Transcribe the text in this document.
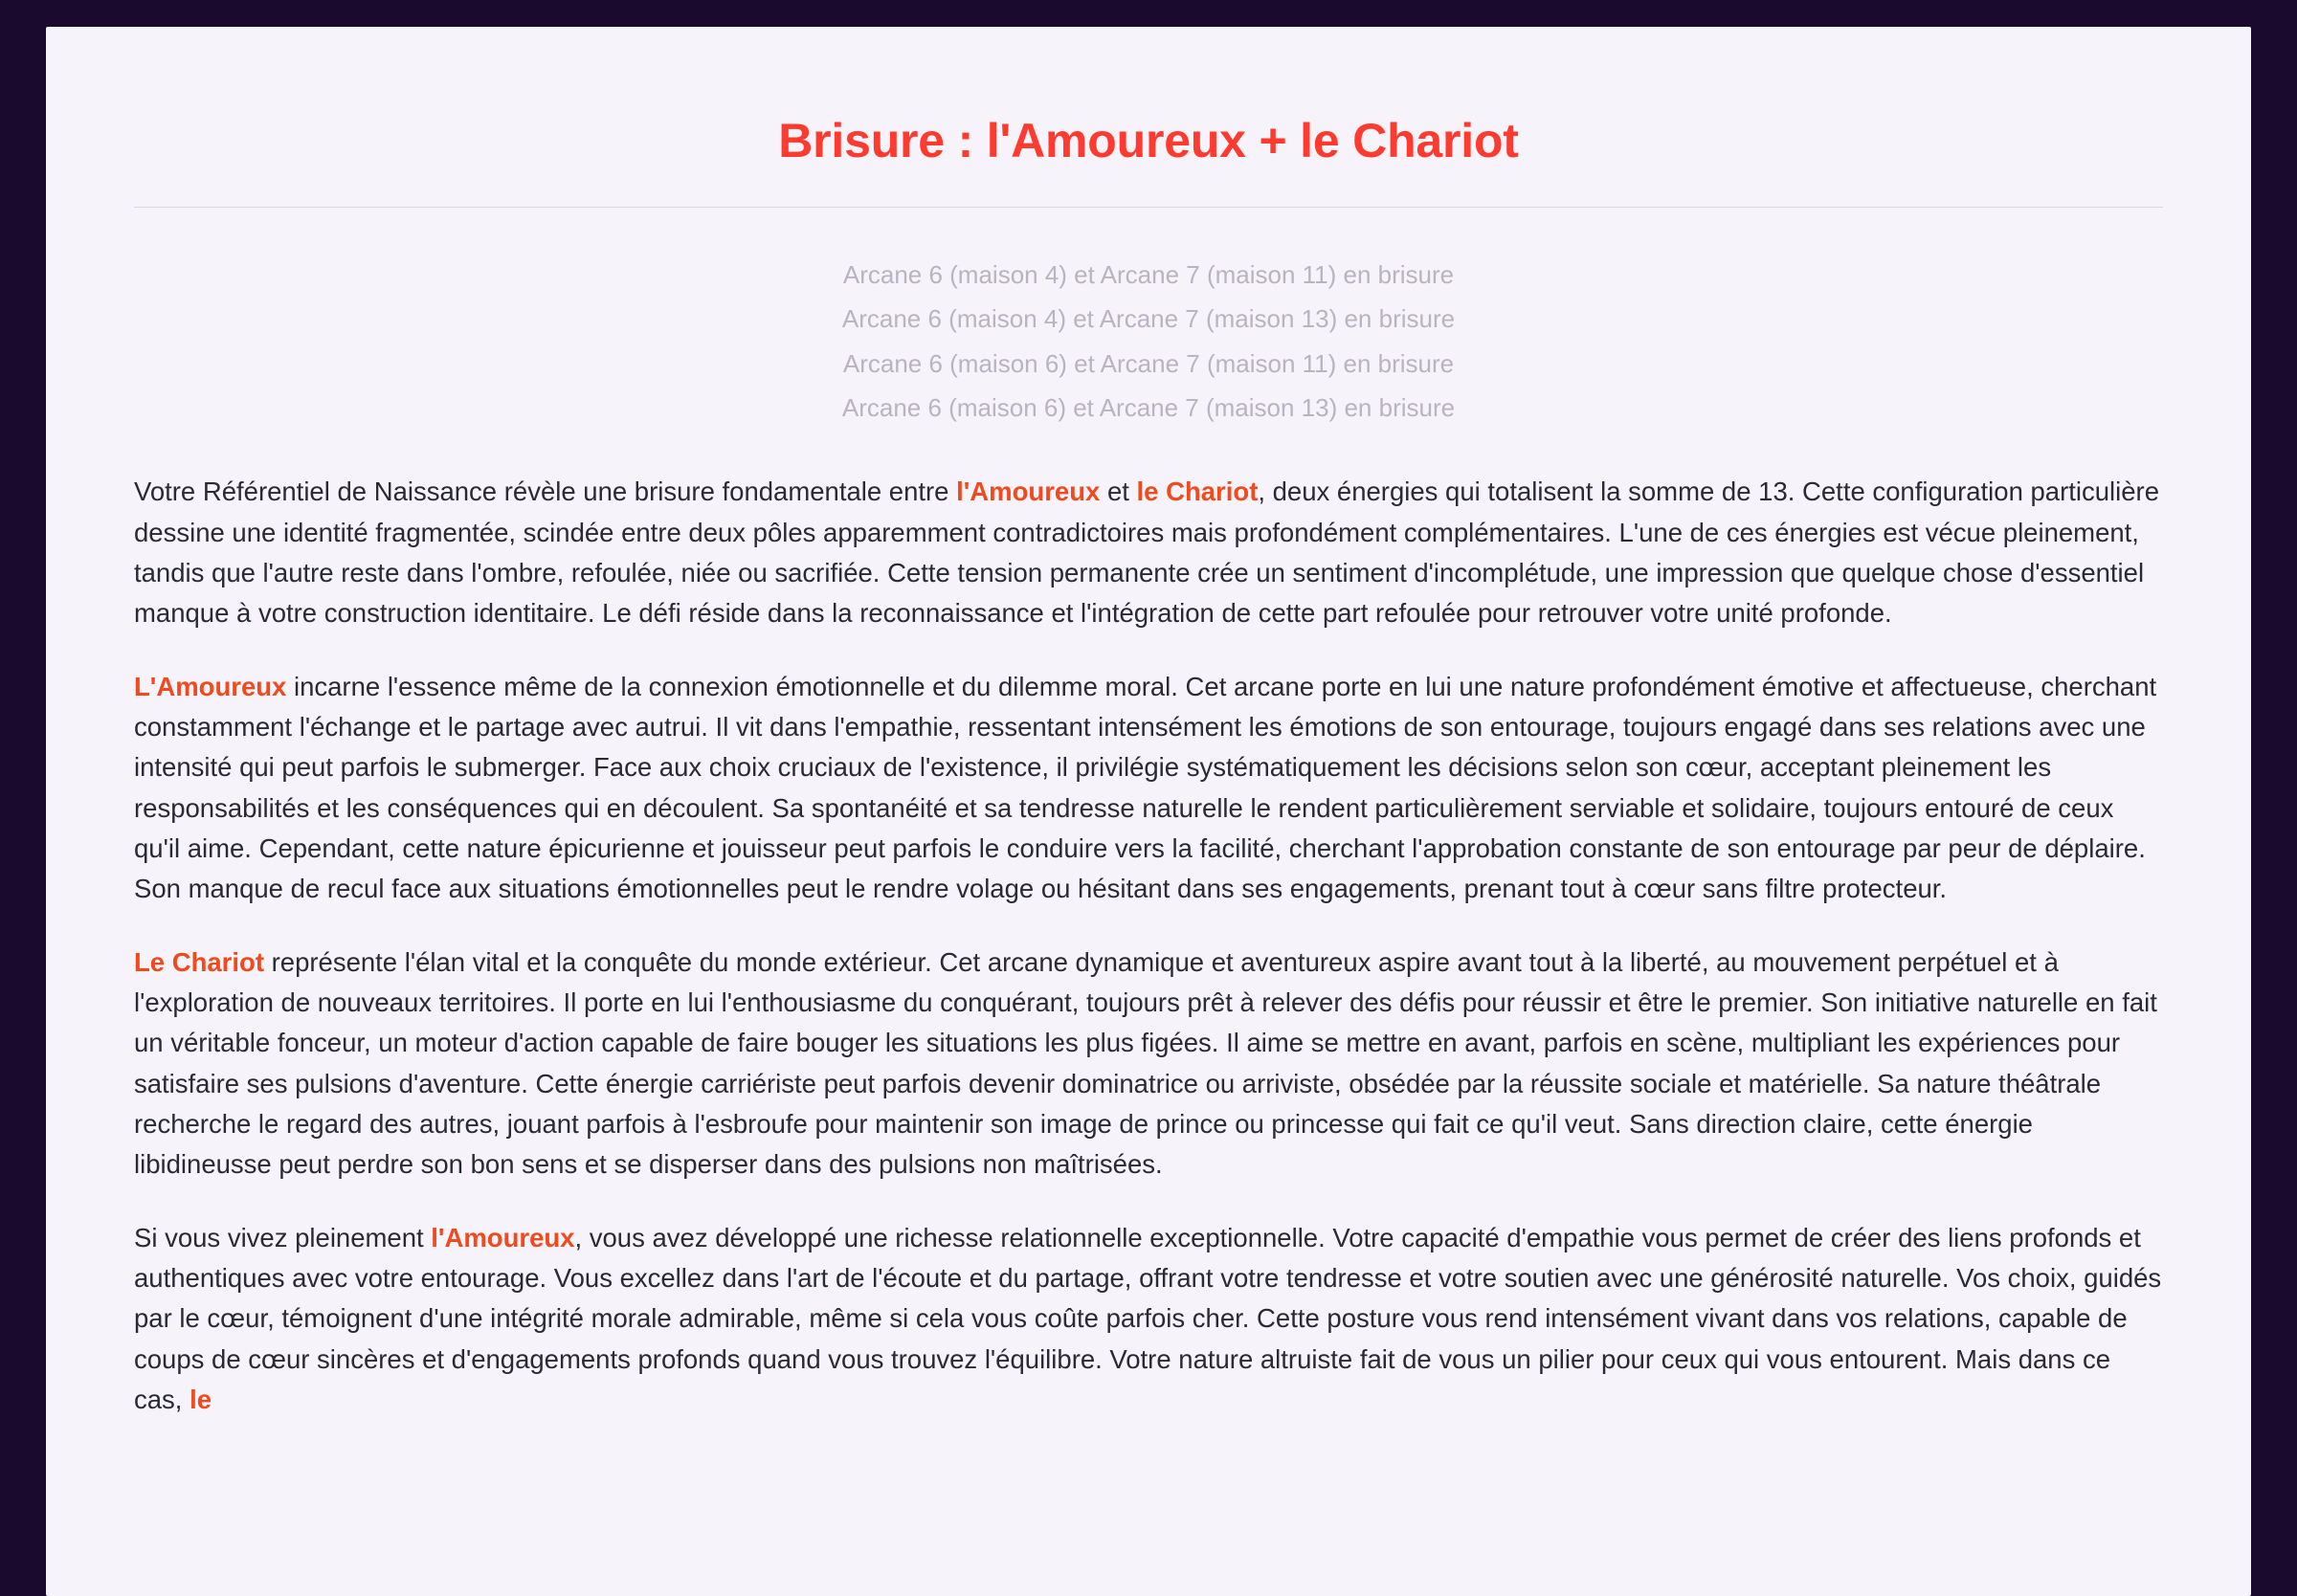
Brisure : l'Amoureux + le Chariot
Arcane 6 (maison 4) et Arcane 7 (maison 11) en brisure
Arcane 6 (maison 4) et Arcane 7 (maison 13) en brisure
Arcane 6 (maison 6) et Arcane 7 (maison 11) en brisure
Arcane 6 (maison 6) et Arcane 7 (maison 13) en brisure

Votre Référentiel de Naissance révèle une brisure fondamentale entre l'Amoureux et le Chariot, deux énergies qui totalisent la somme de 13. Cette configuration particulière dessine une identité fragmentée, scindée entre deux pôles apparemment contradictoires mais profondément complémentaires. L'une de ces énergies est vécue pleinement, tandis que l'autre reste dans l'ombre, refoulée, niée ou sacrifiée. Cette tension permanente crée un sentiment d'incomplétude, une impression que quelque chose d'essentiel manque à votre construction identitaire. Le défi réside dans la reconnaissance et l'intégration de cette part refoulée pour retrouver votre unité profonde.

L'Amoureux incarne l'essence même de la connexion émotionnelle et du dilemme moral. Cet arcane porte en lui une nature profondément émotive et affectueuse, cherchant constamment l'échange et le partage avec autrui. Il vit dans l'empathie, ressentant intensément les émotions de son entourage, toujours engagé dans ses relations avec une intensité qui peut parfois le submerger. Face aux choix cruciaux de l'existence, il privilégie systématiquement les décisions selon son cœur, acceptant pleinement les responsabilités et les conséquences qui en découlent. Sa spontanéité et sa tendresse naturelle le rendent particulièrement serviable et solidaire, toujours entouré de ceux qu'il aime. Cependant, cette nature épicurienne et jouisseur peut parfois le conduire vers la facilité, cherchant l'approbation constante de son entourage par peur de déplaire. Son manque de recul face aux situations émotionnelles peut le rendre volage ou hésitant dans ses engagements, prenant tout à cœur sans filtre protecteur.

Le Chariot représente l'élan vital et la conquête du monde extérieur. Cet arcane dynamique et aventureux aspire avant tout à la liberté, au mouvement perpétuel et à l'exploration de nouveaux territoires. Il porte en lui l'enthousiasme du conquérant, toujours prêt à relever des défis pour réussir et être le premier. Son initiative naturelle en fait un véritable fonceur, un moteur d'action capable de faire bouger les situations les plus figées. Il aime se mettre en avant, parfois en scène, multipliant les expériences pour satisfaire ses pulsions d'aventure. Cette énergie carriériste peut parfois devenir dominatrice ou arriviste, obsédée par la réussite sociale et matérielle. Sa nature théâtrale recherche le regard des autres, jouant parfois à l'esbroufe pour maintenir son image de prince ou princesse qui fait ce qu'il veut. Sans direction claire, cette énergie libidineusse peut perdre son bon sens et se disperser dans des pulsions non maîtrisées.

Si vous vivez pleinement l'Amoureux, vous avez développé une richesse relationnelle exceptionnelle. Votre capacité d'empathie vous permet de créer des liens profonds et authentiques avec votre entourage. Vous excellez dans l'art de l'écoute et du partage, offrant votre tendresse et votre soutien avec une générosité naturelle. Vos choix, guidés par le cœur, témoignent d'une intégrité morale admirable, même si cela vous coûte parfois cher. Cette posture vous rend intensément vivant dans vos relations, capable de coups de cœur sincères et d'engagements profonds quand vous trouvez l'équilibre. Votre nature altruiste fait de vous un pilier pour ceux qui vous entourent. Mais dans ce cas, le
